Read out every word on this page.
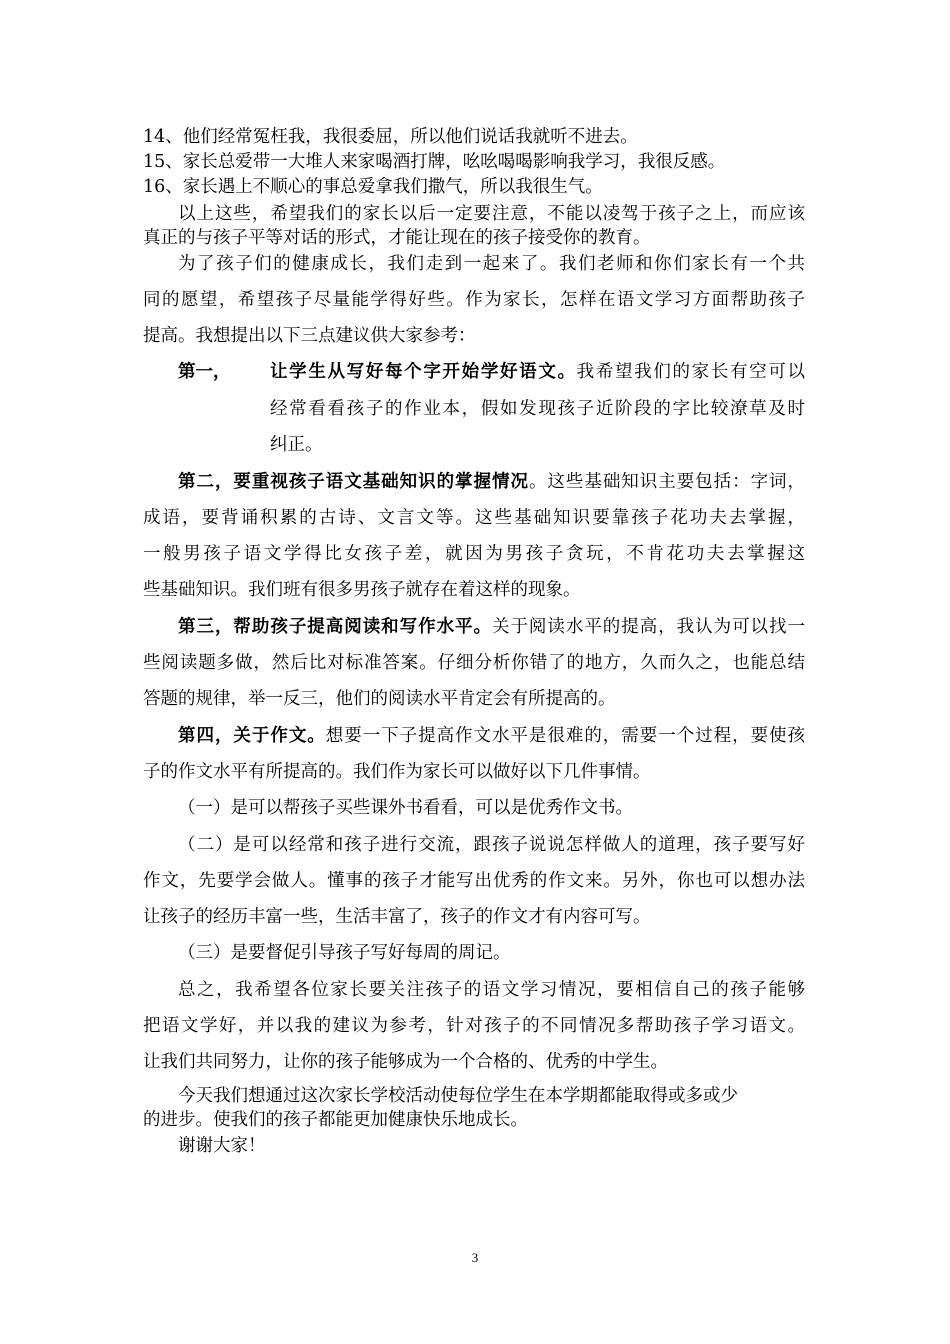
14、他们经常冤枉我，我很委屈，所以他们说话我就听不进去。
15、家长总爱带一大堆人来家喝酒打牌，吆吆喝喝影响我学习，我很反感。
16、家长遇上不顺心的事总爱拿我们撒气，所以我很生气。
以上这些，希望我们的家长以后一定要注意，不能以凌驾于孩子之上，而应该
真正的与孩子平等对话的形式，才能让现在的孩子接受你的教育。
为了孩子们的健康成长，我们走到一起来了。我们老师和你们家长有一个共
同的愿望，希望孩子尽量能学得好些。作为家长，怎样在语文学习方面帮助孩子
提高。我想提出以下三点建议供大家参考：
第一， 让学生从写好每个字开始学好语文。我希望我们的家长有空可以
经常看看孩子的作业本，假如发现孩子近阶段的字比较潦草及时
纠正。
第二，要重视孩子语文基础知识的掌握情况。这些基础知识主要包括：字词，
成语，要背诵积累的古诗、文言文等。这些基础知识要靠孩子花功夫去掌握，
一般男孩子语文学得比女孩子差，就因为男孩子贪玩，不肯花功夫去掌握这
些基础知识。我们班有很多男孩子就存在着这样的现象。
第三，帮助孩子提高阅读和写作水平。关于阅读水平的提高，我认为可以找一
些阅读题多做，然后比对标准答案。仔细分析你错了的地方，久而久之，也能总结
答题的规律，举一反三，他们的阅读水平肯定会有所提高的。
第四，关于作文。想要一下子提高作文水平是很难的，需要一个过程，要使孩
子的作文水平有所提高的。我们作为家长可以做好以下几件事情。
（一）是可以帮孩子买些课外书看看，可以是优秀作文书。
（二）是可以经常和孩子进行交流，跟孩子说说怎样做人的道理，孩子要写好
作文，先要学会做人。懂事的孩子才能写出优秀的作文来。另外，你也可以想办法
让孩子的经历丰富一些，生活丰富了，孩子的作文才有内容可写。
（三）是要督促引导孩子写好每周的周记。
总之，我希望各位家长要关注孩子的语文学习情况，要相信自己的孩子能够
把语文学好，并以我的建议为参考，针对孩子的不同情况多帮助孩子学习语文。
让我们共同努力，让你的孩子能够成为一个合格的、优秀的中学生。
今天我们想通过这次家长学校活动使每位学生在本学期都能取得或多或少
的进步。使我们的孩子都能更加健康快乐地成长。
谢谢大家！
3
